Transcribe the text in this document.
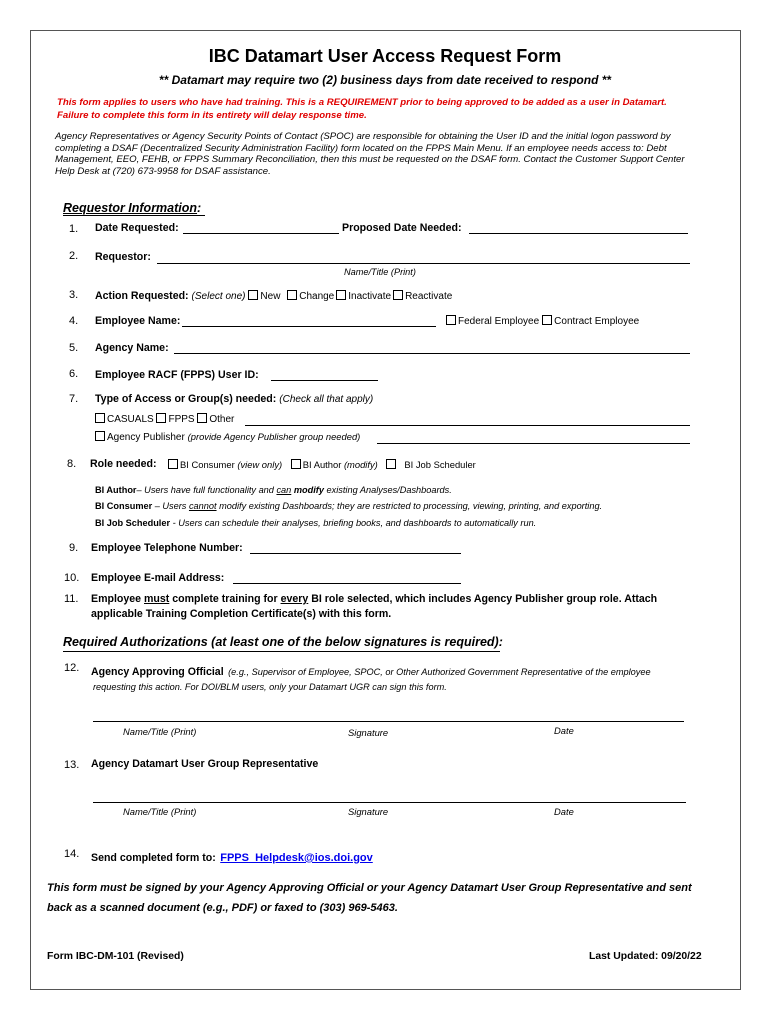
IBC Datamart User Access Request Form
** Datamart may require two (2) business days from date received to respond **
This form applies to users who have had training. This is a REQUIREMENT prior to being approved to be added as a user in Datamart.
Failure to complete this form in its entirety will delay response time.
Agency Representatives or Agency Security Points of Contact (SPOC) are responsible for obtaining the User ID and the initial logon password by completing a DSAF (Decentralized Security Administration Facility) form located on the FPPS Main Menu. If an employee needs access to: Debt Management, EEO, FEHB, or FPPS Summary Reconciliation, then this must be requested on the DSAF form. Contact the Customer Support Center Help Desk at (720) 673-9958 for DSAF assistance.
Requestor Information:
1. Date Requested:	Proposed Date Needed:
2. Requestor:
Name/Title (Print)
3. Action Requested: (Select one) New Change Inactivate Reactivate
4. Employee Name:	Federal Employee Contract Employee
5. Agency Name:
6. Employee RACF (FPPS) User ID:
7. Type of Access or Group(s) needed: (Check all that apply)
CASUALS FPPS Other
Agency Publisher (provide Agency Publisher group needed)
8. Role needed:	BI Consumer (view only) BI Author (modify)	BI Job Scheduler
BI Author– Users have full functionality and can modify existing Analyses/Dashboards.
BI Consumer – Users cannot modify existing Dashboards; they are restricted to processing, viewing, printing, and exporting.
BI Job Scheduler - Users can schedule their analyses, briefing books, and dashboards to automatically run.
9. Employee Telephone Number:
10. Employee E-mail Address:
11. Employee must complete training for every BI role selected, which includes Agency Publisher group role. Attach
applicable Training Completion Certificate(s) with this form.
Required Authorizations (at least one of the below signatures is required):
12. Agency Approving Official (e.g., Supervisor of Employee, SPOC, or Other Authorized Government Representative of the employee
requesting this action. For DOI/BLM users, only your Datamart UGR can sign this form.
Name/Title (Print)	Signature	Date
13. Agency Datamart User Group Representative
Name/Title (Print)	Signature	Date
14. Send completed form to: FPPS_Helpdesk@ios.doi.gov
This form must be signed by your Agency Approving Official or your Agency Datamart User Group Representative and sent
back as a scanned document (e.g., PDF) or faxed to (303) 969-5463.
Form IBC-DM-101 (Revised)	Last Updated: 09/20/22
